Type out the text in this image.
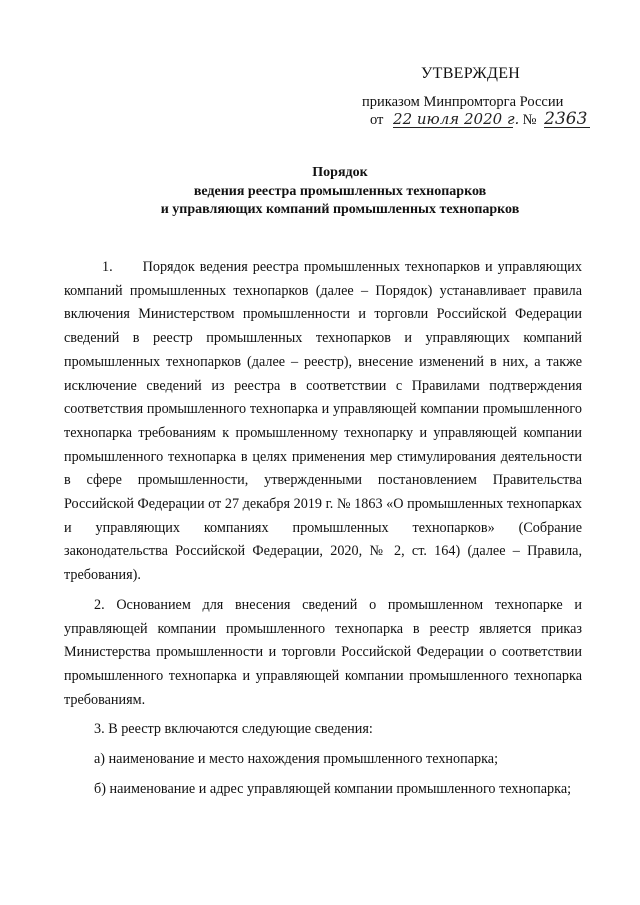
УТВЕРЖДЕН
приказом Минпромторга России
от 22 июля 2020 г. № 2363
Порядок
ведения реестра промышленных технопарков
и управляющих компаний промышленных технопарков

1.      Порядок ведения реестра промышленных технопарков и управляющих компаний промышленных технопарков (далее – Порядок) устанавливает правила включения Министерством промышленности и торговли Российской Федерации сведений в реестр промышленных технопарков и управляющих компаний промышленных технопарков (далее – реестр), внесение изменений в них, а также исключение сведений из реестра в соответствии с Правилами подтверждения соответствия промышленного технопарка и управляющей компании промышленного технопарка требованиям к промышленному технопарку и управляющей компании промышленного технопарка в целях применения мер стимулирования деятельности в сфере промышленности, утвержденными постановлением Правительства Российской Федерации от 27 декабря 2019 г. № 1863 «О промышленных технопарках и управляющих компаниях промышленных технопарков» (Собрание законодательства Российской Федерации, 2020, № 2, ст. 164) (далее – Правила, требования).

2. Основанием для внесения сведений о промышленном технопарке и управляющей компании промышленного технопарка в реестр является приказ Министерства промышленности и торговли Российской Федерации о соответствии промышленного технопарка и управляющей компании промышленного технопарка требованиям.

3. В реестр включаются следующие сведения:

а) наименование и место нахождения промышленного технопарка;

б) наименование и адрес управляющей компании промышленного технопарка;
